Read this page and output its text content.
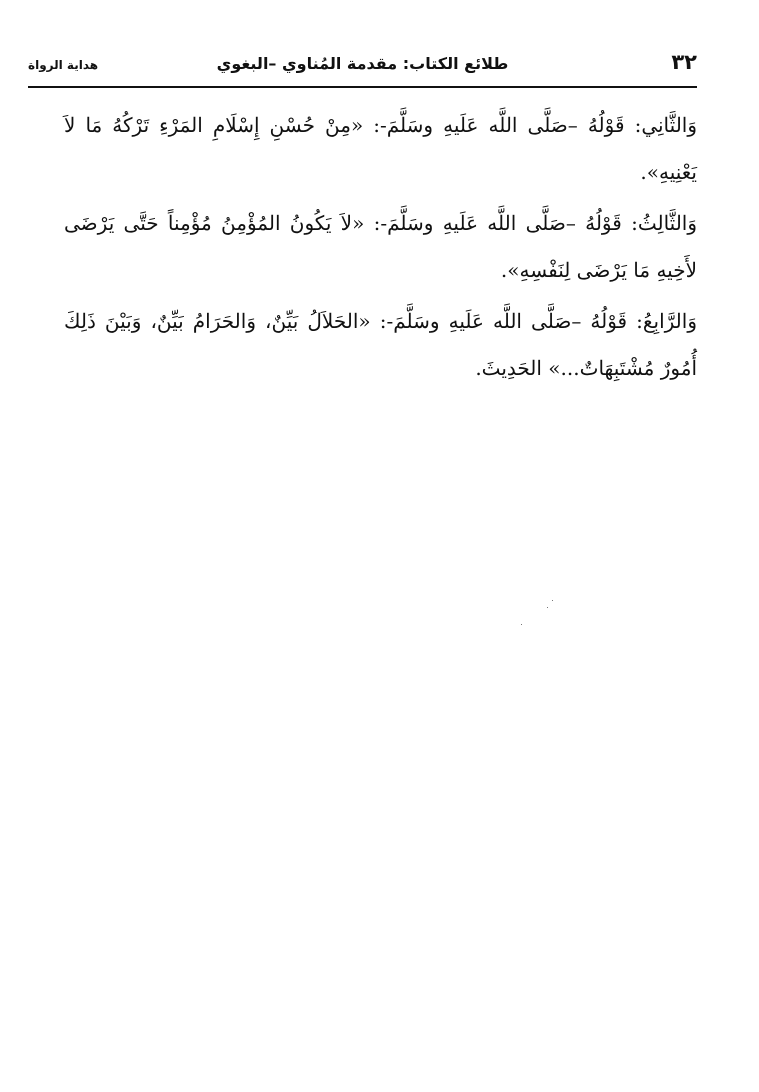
٣٢
طلائع الكتاب: مقدمة المُناوي –البغوي
هداية الرواة

وَالثَّانِي: قَوْلُهُ –صَلَّى اللَّه عَلَيهِ وسَلَّمَ-: «مِنْ حُسْنِ إِسْلَامِ المَرْءِ تَرْكُهُ مَا لاَ يَعْنِيهِ».

وَالثَّالِثُ: قَوْلُهُ –صَلَّى اللَّه عَلَيهِ وسَلَّمَ-: «لاَ يَكُونُ المُؤْمِنُ مُؤْمِناً حَتَّى يَرْضَى لأَخِيهِ مَا يَرْضَى لِنَفْسِهِ».

وَالرَّابِعُ: قَوْلُهُ –صَلَّى اللَّه عَلَيهِ وسَلَّمَ-: «الحَلاَلُ بَيِّنٌ، وَالحَرَامُ بَيِّنٌ، وَبَيْنَ ذَلِكَ أُمُورٌ مُشْتَبِهَاتٌ...» الحَدِيثَ.
